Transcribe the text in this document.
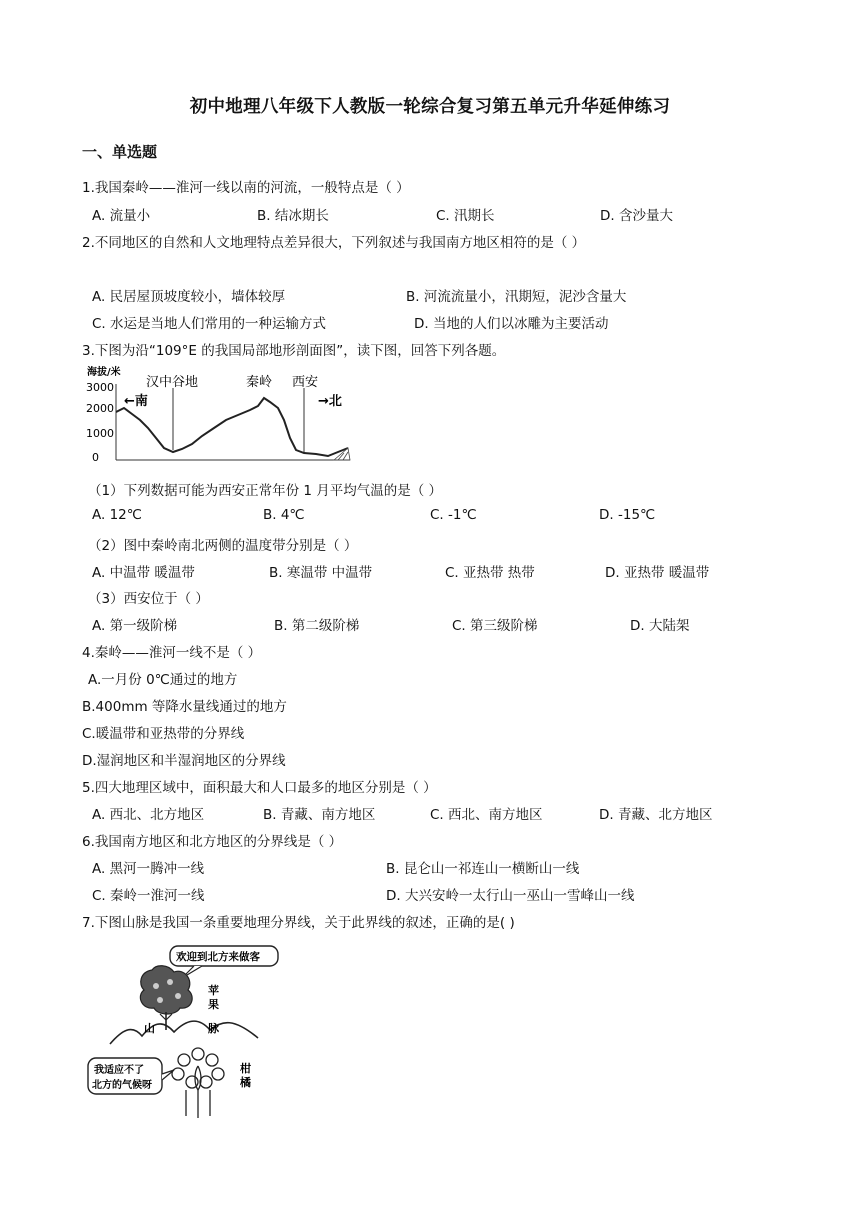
初中地理八年级下人教版一轮综合复习第五单元升华延伸练习
一、单选题
1.我国秦岭——淮河一线以南的河流，一般特点是（ ）
A. 流量小	B. 结冰期长	C. 汛期长	D. 含沙量大
2.不同地区的自然和人文地理特点差异很大，下列叙述与我国南方地区相符的是（ ）
A. 民居屋顶坡度较小，墙体较厚	B. 河流流量小，汛期短，泥沙含量大
C. 水运是当地人们常用的一种运输方式	D. 当地的人们以冰雕为主要活动
3.下图为沿“109°E 的我国局部地形剖面图”，读下图，回答下列各题。
海拔/米
3000
2000
1000
0
汉中谷地	秦岭 西安
←南	→北
（1）下列数据可能为西安正常年份 1 月平均气温的是（ ）
A. 12℃	B. 4℃	C. -1℃	D. -15℃
（2）图中秦岭南北两侧的温度带分别是（ ）
A. 中温带 暖温带	B. 寒温带 中温带	C. 亚热带 热带	D. 亚热带 暖温带
（3）西安位于（ ）
A. 第一级阶梯	B. 第二级阶梯	C. 第三级阶梯	D. 大陆架
4.秦岭——淮河一线不是（ ）
A.一月份 0℃通过的地方
B.400mm 等降水量线通过的地方
C.暖温带和亚热带的分界线
D.湿润地区和半湿润地区的分界线
5.四大地理区域中，面积最大和人口最多的地区分别是（ ）
A. 西北、北方地区	B. 青藏、南方地区	C. 西北、南方地区	D. 青藏、北方地区
6.我国南方地区和北方地区的分界线是（ ）
A. 黑河一腾冲一线	B. 昆仑山一祁连山一横断山一线
C. 秦岭一淮河一线	D. 大兴安岭一太行山一巫山一雪峰山一线
7.下图山脉是我国一条重要地理分界线，关于此界线的叙述，正确的是( )
欢迎到北方来做客
苹
果
山	脉
我适应不了
北方的气候呀
柑
橘
